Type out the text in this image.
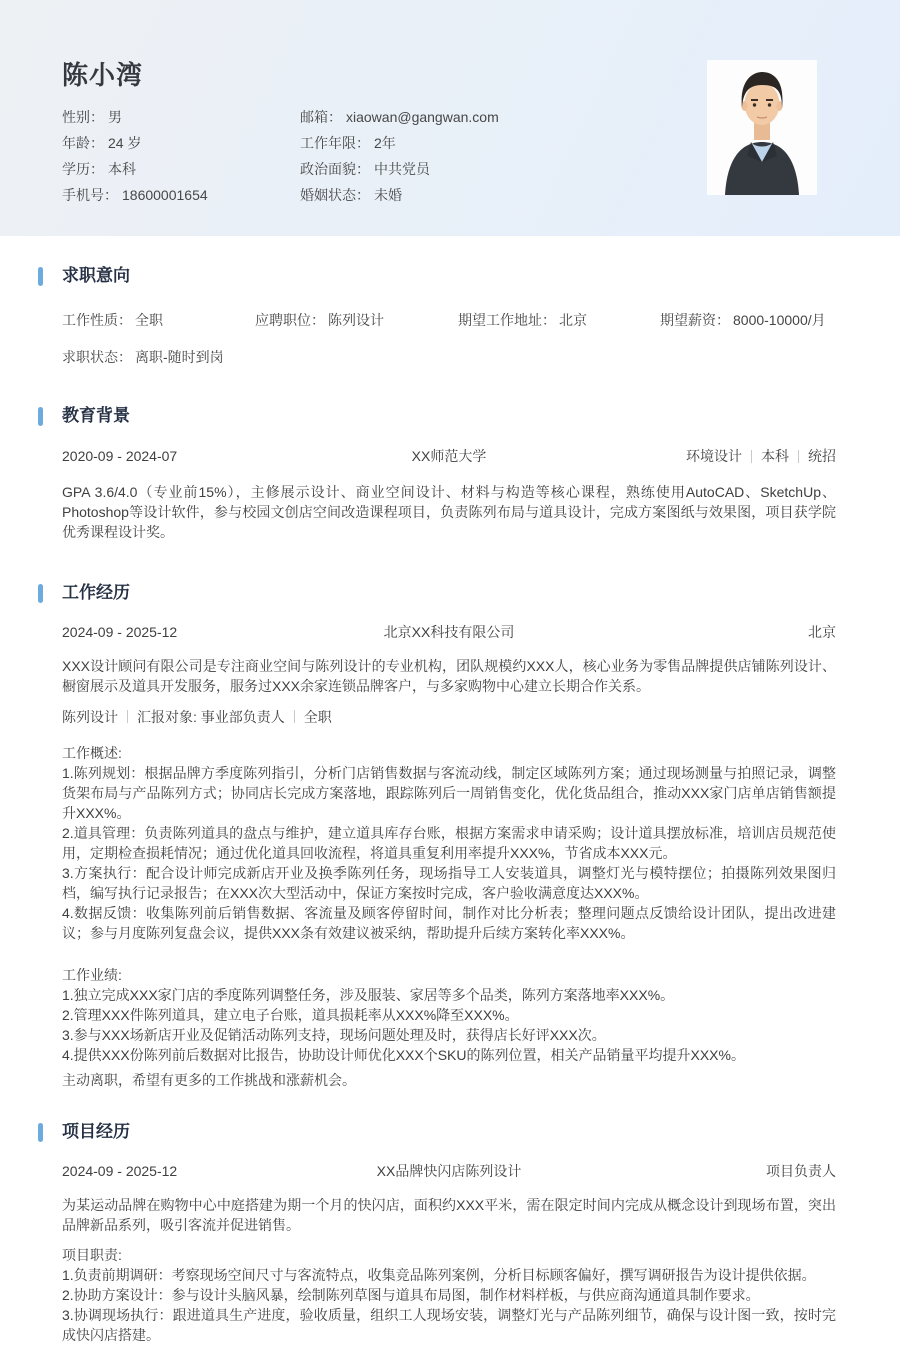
陈小湾
性别： 男
年龄： 24 岁
学历： 本科
手机号： 18600001654
邮箱： xiaowan@gangwan.com
工作年限： 2年
政治面貌： 中共党员
婚姻状态： 未婚
求职意向
工作性质： 全职	应聘职位： 陈列设计	期望工作地址： 北京	期望薪资： 8000-10000/月
求职状态： 离职-随时到岗
教育背景
2020-09 - 2024-07	XX师范大学	环境设计 本科 统招

GPA 3.6/4.0（专业前15%），主修展示设计、商业空间设计、材料与构造等核心课程，熟练使用AutoCAD、SketchUp、Photoshop等设计软件，参与校园文创店空间改造课程项目，负责陈列布局与道具设计，完成方案图纸与效果图，项目获学院优秀课程设计奖。

工作经历
2024-09 - 2025-12	北京XX科技有限公司	北京

XXX设计顾问有限公司是专注商业空间与陈列设计的专业机构，团队规模约XXX人，核心业务为零售品牌提供店铺陈列设计、橱窗展示及道具开发服务，服务过XXX余家连锁品牌客户，与多家购物中心建立长期合作关系。

陈列设计 汇报对象: 事业部负责人 全职

工作概述:

1.陈列规划：根据品牌方季度陈列指引，分析门店销售数据与客流动线，制定区域陈列方案；通过现场测量与拍照记录，调整货架布局与产品陈列方式；协同店长完成方案落地，跟踪陈列后一周销售变化，优化货品组合，推动XXX家门店单店销售额提升XXX%。

2.道具管理：负责陈列道具的盘点与维护，建立道具库存台账，根据方案需求申请采购；设计道具摆放标准，培训店员规范使用，定期检查损耗情况；通过优化道具回收流程，将道具重复利用率提升XXX%，节省成本XXX元。

3.方案执行：配合设计师完成新店开业及换季陈列任务，现场指导工人安装道具，调整灯光与模特摆位；拍摄陈列效果图归档，编写执行记录报告；在XXX次大型活动中，保证方案按时完成，客户验收满意度达XXX%。

4.数据反馈：收集陈列前后销售数据、客流量及顾客停留时间，制作对比分析表；整理问题点反馈给设计团队，提出改进建议；参与月度陈列复盘会议，提供XXX条有效建议被采纳，帮助提升后续方案转化率XXX%。

工作业绩:

1.独立完成XXX家门店的季度陈列调整任务，涉及服装、家居等多个品类，陈列方案落地率XXX%。

2.管理XXX件陈列道具，建立电子台账，道具损耗率从XXX%降至XXX%。

3.参与XXX场新店开业及促销活动陈列支持，现场问题处理及时，获得店长好评XXX次。

4.提供XXX份陈列前后数据对比报告，协助设计师优化XXX个SKU的陈列位置，相关产品销量平均提升XXX%。

主动离职，希望有更多的工作挑战和涨薪机会。

项目经历
2024-09 - 2025-12	XX品牌快闪店陈列设计	项目负责人

为某运动品牌在购物中心中庭搭建为期一个月的快闪店，面积约XXX平米，需在限定时间内完成从概念设计到现场布置，突出品牌新品系列，吸引客流并促进销售。

项目职责:

1.负责前期调研：考察现场空间尺寸与客流特点，收集竞品陈列案例，分析目标顾客偏好，撰写调研报告为设计提供依据。

2.协助方案设计：参与设计头脑风暴，绘制陈列草图与道具布局图，制作材料样板，与供应商沟通道具制作要求。

3.协调现场执行：跟进道具生产进度，验收质量，组织工人现场安装，调整灯光与产品陈列细节，确保与设计图一致，按时完成快闪店搭建。
